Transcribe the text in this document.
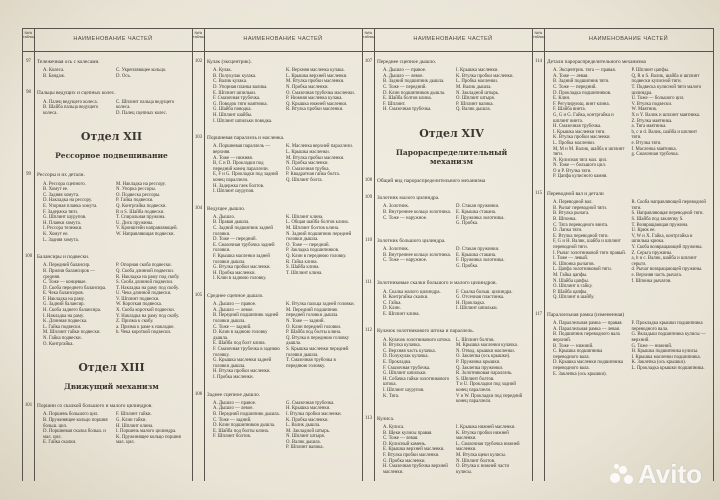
№№ таблиц	НАИМЕНОВАНИЕ ЧАСТЕЙ
97	Тележечная ось с колесами.
A. Колеса.
B. Бандаж.
C. Укрепляющее кольцо.
D. Ось.
98	Пальцы ведущих и сцепных колес.
A. Палец ведущего колеса.
B. Шайба пальца ведущего колеса.
C. Шплинт пальца ведущего колеса.
D. Палец сцепных колес.
Отдел XII
Рессорное подвешивание
99	Рессоры и их детали.
A. Рессора сцепного.
B. Хомут ее.
C. Задняя хомута.
D. Накладка на рессору.
E. Упорная планка хомута.
F. Задержка тяги.
G. Шплинт шурупов.
H. Планки хомута.
I. Рессора тележки.
K. Хомут ее.
L. Задняя хомута.
M. Накладка на рессору.
N. Упорка рессоры.
O. Подвеска рессоры.
P. Гайка подвески.
Q. Контргайка подвески.
R и S. Шайба подвески.
T. Спиральная пружина.
U. Диск пружины.
V. Кронштейн направляющей.
W. Направляющая подвески.
100 Балансиры и подвески.
A. Передний балансир.
B. Прилив балансиров — средняя.
C. Тоже — концевые.
D. Скоба переднего балансира.
E. Чека балансиров.
F. Накладка на раму.
G. Задний балансир.
H. Скоба заднего балансира.
I. Накладка на раму.
K. Длинная подвеска.
L. Гайка подвески.
M. Шплинт гайки подвески.
N. Гайка подвески.
O. Контргайка.
P. Опорная скоба подвески.
Q. Скоба длинной подвески.
R. Накладка на раму под скобу.
S. Скоба длинной подвески.
T. Накладка на раму под скобу.
U. Чека длинной подвески.
V. Шплинт подвески.
W. Короткая подвеска.
X. Скоба короткой подвески.
Y. Накладка на раму под скобу.
Z. Призма к скобу.
a. Призма к раме к накладке.
b. Чека короткой подвески.
Отдел XIII
Движущий механизм
101 Поршни со скалкой большого и малого цилиндров.
A. Поршень большого цил.
B. Пружинящее кольцо поршня больш. цил.
D. Поршневая скалка больш. и мал. цил.
E. Гайка скалки.
F. Шплинт гайки.
G. Клин гайки.
H. Шплинт клина.
I. Поршень малого цилиндра.
K. Пружинящее кольцо поршня мал. цил.
№№ таблиц	НАИМЕНОВАНИЕ ЧАСТЕЙ
102 Кулак (эксцентрик).
A. Кулак.
B. Полукулак кулака.
C. Валик кулака.
D. Упорная планка валика.
E. Шплинт шпильки.
F. Смазочная трубочка.
G. Поводок тяги маятника.
G. Шайба поводка.
H. Шплинт шайбы.
I. Шплинт шпильки поводка.
K. Верхняя масленка кулака.
L. Крышка верхней масленки.
M. Втулка пробки масленки.
N. Пробка масленки.
O. Смазочная трубочка масленки.
P. Нижняя масленка кулака.
Q. Крышка нижней масленки.
R. Втулка пробки масленки.
103 Поршневая параллель и масленка.
A. Поршневая параллель — верхняя.
A. Тоже — нижняя.
B, C и D. Прокладки под передний конец параллели.
E, F и G. Прокладки под задний конец параллели.
H. Задержка гаек болтов.
I. Шплинт шурупов.
K. Масленка верхней параллели.
L. Крышка масленки.
M. Втулка пробки масленки.
N. Пробка масленки.
O. Смазочная трубка.
P. Квадратная гайка болта.
Q. Шплинт болта.
104 Ведущее дышло.
A. Дышло.
B. Правая дышла.
C. Задний подшипник задней головки.
D. Тоже — передний.
E. Смазочная трубочка задней головки.
F. Крышка масленки задней головки дышла.
G. Втулка пробки масленки.
H. Пробка масленки.
I. Клин в заднюю головку.
K. Шплинт клина.
L. Общая шайба болтов клина.
M. Шплинт болтов клина.
N. Задний подшипник передней головки дышла.
O. Тоже — передний.
P. Закладка подшипников.
Q. Клин в переднюю головку.
R. Гайка клина.
S. Шайба клина.
T. Шплинт клина.
105 Среднее сцепное дышло.
A. Дышло — правое.
A. Дышло — левое.
B. Передний подшипник задней головки дышла.
C. Тоже — задний.
D. Клин в заднюю головку дышла.
E. Шайба под болт клина.
F. Смазочная трубочка в заднюю головку.
G. Крышка масленки задней головки дышла.
H. Втулка пробки масленки.
I. Пробка масленки.
K. Втулка пальца задней головки.
M. Передний подшипник передней головки дышла.
N. Тоже — задний.
O. Клин передней головки.
P. Шайба под болты клина.
Q. Втулка в переднюю головку дышла.
S. Крышка масленки передней головки дышла.
T. Смазочная трубочка в переднюю головку.
106 Заднее сцепное дышло.
A. Дышло — правое.
A. Дышло — левое.
B. Передний подшипник дышла.
C. Тоже — задний.
D. Клин подшипников дышла.
E. Шайба под болты клина.
F. Шплинт болтов.
G. Смазочная трубочка.
H. Крышка масленки.
I. Втулка пробки масленки.
K. Пробка масленки.
L. Валик дышла.
M. Закладной штырь.
N. Шплинт штыря.
O. Валик дышла.
P. Шплинт валика.
№№ таблиц	НАИМЕНОВАНИЕ ЧАСТЕЙ
107 Переднее сцепное дышло.
A. Дышло — правое.
A. Дышло — левое.
B. Задний подшипник дышла.
C. Тоже — передний.
D. Клин подшипников дышла.
E. Шайба болтов клина.
F. Шплинт.
H. Смазочная трубочка.
I. Крышка масленки.
K. Втулка пробки масленки.
L. Пробка масленки.
M. Валик дышла.
N. Закладной штырь.
O. Шплинт штыря.
P. Шплинт валика.
Q. Валик дышла.
Отдел XIV
Парораспределительный механизм
108 Общий вид парораспределительного механизма
109 Золотник малого цилиндра.
A. Золотник.
B. Внутреннее кольцо золотника.
C. Тоже — наружное.
D. Стакан пружинки.
E. Крышка стакана.
F. Пружинка золотника.
G. Пробка.
110 Золотник большого цилиндра.
A. Золотник.
B. Внутреннее кольцо золотника.
C. Тоже — наружное.
D. Стакан пружинки.
E. Крышка стакана.
F. Пружинка золотника.
G. Пробка.
111 Золотниковые скалки большого и малого цилиндров.
A. Скалка малого цилиндра.
B. Контргайка скалки.
C. Гайка.
D. Клин.
E. Шплинт клина.
F. Скалка больш. цилиндра.
G. Отсечная пластинка.
H. Прокладка.
I. Шплинт шпильки.
112 Кулачок золотникового штока и параллель.
A. Кулачок золотникового штока.
B. Втулка кулачка.
C. Верхняя часть кулачка.
D. Полукулак кулачка.
E. Прокладка.
F. Смазочная трубочка.
G. Шплинт шпильки.
H. Собачка гайки золотникового штока.
I. Шплинт шурупов.
K. Тяга.
L. Шплинт болтов.
M. Крышка масленки кулачка.
N. Отвод. крышки масленки.
O. Заклепка (ось крышки).
P. Пружинка крышки.
Q. Заклепка пружинки.
R. Золотниковая параллель.
S. Шплинт болтов.
T и U. Прокладки под задний конец параллели.
V и W. Прокладки под передний конец параллели.
113 Кулиса.
A. Кулиса.
B. Щеки кулисы правая.
C. Тоже — левая.
D. Кулисный камень.
E. Крышка верхней масленки.
F. Втулка пробки масленки.
G. Пробка масленки.
H. Смазочная трубочка верхней масленки.
I. Крышка нижней масленки.
K. Втулка пробки нижней масленки.
L. Смазочная трубочка нижней масленки.
M. Втулка щеки кулисы.
N. Шплинт болтов.
O. Втулка к нижней части кулисы.
№№ таблиц	НАИМЕНОВАНИЕ ЧАСТЕЙ
114 Детали парораспределительного механизма
A. Эксцентрик. тяга — правая.
A. Тоже — левая.
B. Задний подшипник тяги.
C. Тоже — передний.
D. Прокладка подшипников.
E. Клин.
F. Регулирующ. винт клина.
F. Шайба винта.
G, G и G. Гайка, контргайка и шплинт винта.
H. Смазочная трубочка.
I. Крышка масленки тяги.
K. Втулка пробки масленки.
L. Пробка масленки.
M, M и M. Валик, шайба и шплинт тяги.
N. Кулисная тяга мал. цил.
N. Тоже — большого цил.
O и P. Втулка тяги.
P. Цапфа кулисного камня.
P. Шплинт цапфы.
Q, R и S. Валик, шайба и шплинт подвески кулисной тяги.
T. Подвеска кулисной тяги малого цилиндра.
U. Тоже — большого цил.
V. Втулка подвески.
W. Маятник.
X и Y. Валик и шплинт маятника.
Z. Втулка маятника.
a. Тяга маятника.
b, c и d. Валик, шайба и шплинт тяги.
e. Втулка тяги.
f. Масленка маятника.
g. Смазочная трубочка.
115 Переводной вал и детали
A. Переводной вал.
B. Рычаг переводной тяги.
B. Втулка рычага.
B. Шпонка.
C. Тяга переводного винта.
D. Лапка тяги.
E. Втулка переводной тяги.
F, G и H. Валик, шайба и шплинт переводной тяги.
I. Рычаг золотниковой тяги правый.
I. Тоже — левый.
K. Шпонка рычагов.
L. Цапфа золотниковой тяги.
M. Гайка цапфы.
N. Шайба цапфы.
O. Шплинт в гайку.
P. Шайба цапфы.
Q. Шплинт в шайбу.
R. Скоба направляющей переводной тяги.
S. Направляющая переводной тяги.
S. Шайба под заклепку S.
T. Возвращающая пружина.
U. Крюк ее.
V, W и X. Гайка, контргайка и шпилька крюка.
Y. Скоба возвращающей пружины.
Z. Серьга пружины.
a, b и c. Валик, шайба и шплинт серьги.
d. Рычаг возвращающей пружины.
e. Верхняя часть рычага.
f. Шпонка рычагов.
117 Параллельная рамка (измененная)
A. Параллельная рамка — правая.
A. Параллельная рамка — левая.
B. Подшипник переводного вала верхний.
B. Тоже — нижний.
C. Крышка подшипника переводного вала.
D. Крышка масленки подшипника переводного вала.
E. Заклепка (ось крышки).
F. Прокладка крышки подшипника переводного вала.
G. Вкладыш подшипника кулисы — верхний.
G. Тоже — нижний.
H. Крышка подшипника кулисы.
I. Крышка масленки подшипника.
K. Заклепка (ось крышки).
L. Прокладка крышки подшипника.
Avito
